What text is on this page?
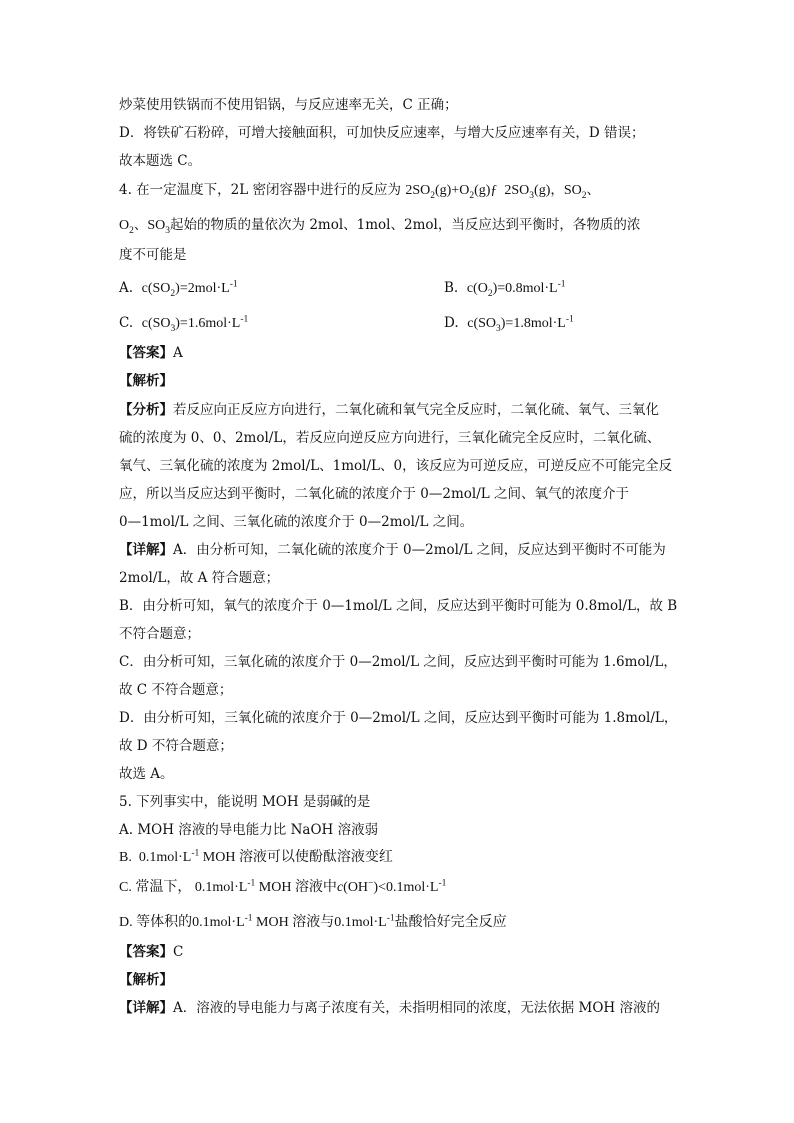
炒菜使用铁锅而不使用铝锅，与反应速率无关，C 正确；
D．将铁矿石粉碎，可增大接触面积，可加快反应速率，与增大反应速率有关，D 错误；
故本题选 C。
4. 在一定温度下，2L 密闭容器中进行的反应为 $2SO_2(g)+O_2(g)ƒ$  $2SO_3(g)$，$SO_2$、
$O_2$、$SO_3$起始的物质的量依次为 2mol、1mol、2mol，当反应达到平衡时，各物质的浓
度不可能是
A. $c(SO_2)=2mol\cdot L^{-1}$	B. $c(O_2)=0.8mol\cdot L^{-1}$
C. $c(SO_3)=1.6mol\cdot L^{-1}$	D. $c(SO_3)=1.8mol\cdot L^{-1}$
【答案】A
【解析】
【分析】若反应向正反应方向进行，二氧化硫和氧气完全反应时，二氧化硫、氧气、三氧化
硫的浓度为 0、0、2mol/L，若反应向逆反应方向进行，三氧化硫完全反应时，二氧化硫、
氧气、三氧化硫的浓度为 2mol/L、1mol/L、0，该反应为可逆反应，可逆反应不可能完全反
应，所以当反应达到平衡时，二氧化硫的浓度介于 0—2mol/L 之间、氧气的浓度介于
0—1mol/L 之间、三氧化硫的浓度介于 0—2mol/L 之间。
【详解】A．由分析可知，二氧化硫的浓度介于 0—2mol/L 之间，反应达到平衡时不可能为
2mol/L，故 A 符合题意；
B．由分析可知，氧气的浓度介于 0—1mol/L 之间，反应达到平衡时可能为 0.8mol/L，故 B
不符合题意；
C．由分析可知，三氧化硫的浓度介于 0—2mol/L 之间，反应达到平衡时可能为 1.6mol/L，
故 C 不符合题意；
D．由分析可知，三氧化硫的浓度介于 0—2mol/L 之间，反应达到平衡时可能为 1.8mol/L，
故 D 不符合题意；
故选 A。
5. 下列事实中，能说明 MOH 是弱碱的是
A. MOH 溶液的导电能力比 NaOH 溶液弱
B.  $0.1mol\cdot L^{-1}$ MOH 溶液可以使酚酞溶液变红
C. 常温下， $0.1mol\cdot L^{-1}$ MOH 溶液中$c(OH^-)<0.1mol\cdot L^{-1}$
D. 等体积的$0.1mol\cdot L^{-1}$ MOH 溶液与$0.1mol\cdot L^{-1}$盐酸恰好完全反应
【答案】C
【解析】
【详解】A．溶液的导电能力与离子浓度有关，未指明相同的浓度，无法依据 MOH 溶液的
